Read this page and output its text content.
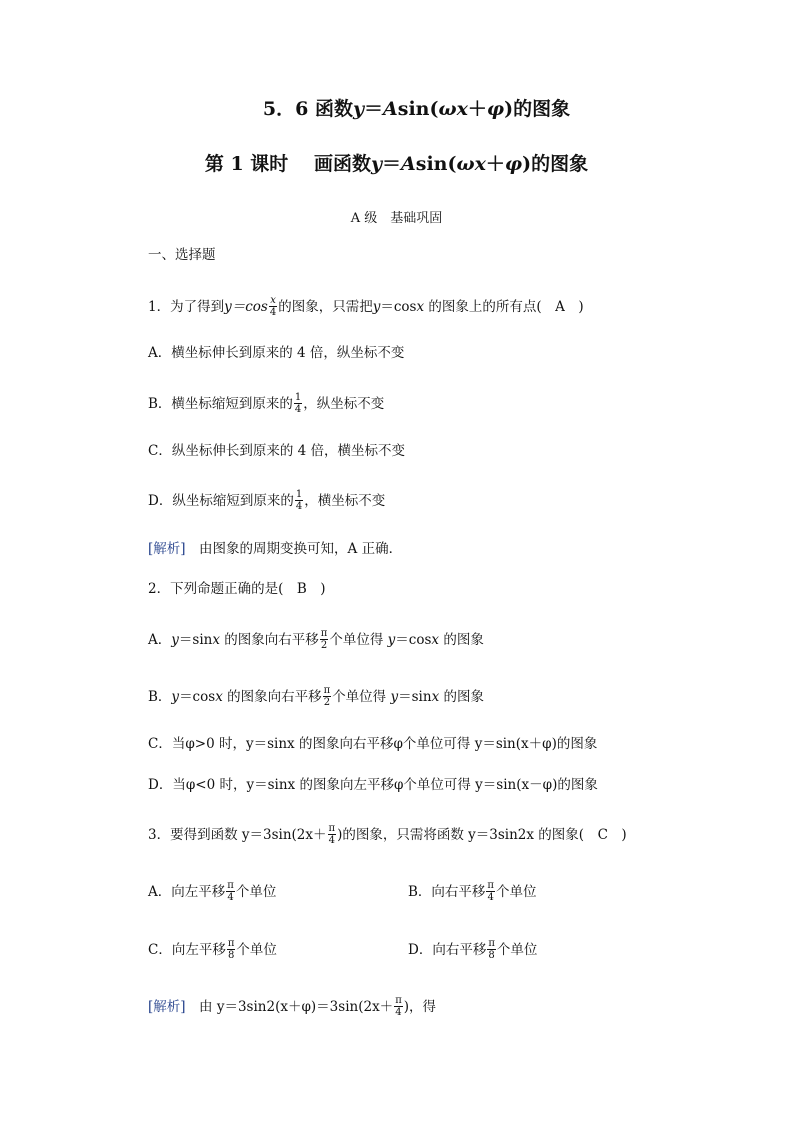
5．6 函数y＝Asin(ωx＋φ)的图象
第 1 课时　 画函数y＝Asin(ωx＋φ)的图象
A 级　基础巩固
一、选择题
1．为了得到$y=\cos \frac{x}{4}$ 的图象，只需把y＝cosx 的图象上的所有点(　A　)
A．横坐标伸长到原来的 4 倍，纵坐标不变
B．横坐标缩短到原来的 $\frac{1}{4}$ ，纵坐标不变
C．纵坐标伸长到原来的 4 倍，横坐标不变
D．纵坐标缩短到原来的 $\frac{1}{4}$ ，横坐标不变
[解析]　由图象的周期变换可知，A 正确．
2．下列命题正确的是(　B　)
A．y＝sinx 的图象向右平移 $\frac{\pi}{2}$ 个单位得 y＝cosx 的图象
B．y＝cosx 的图象向右平移 $\frac{\pi}{2}$ 个单位得 y＝sinx 的图象
C．当φ>0 时，y＝sinx 的图象向右平移φ个单位可得 y＝sin(x＋φ)的图象
D．当φ<0 时，y＝sinx 的图象向左平移φ个单位可得 y＝sin(x－φ)的图象
3．要得到函数 $y=3\sin(2x+ \frac{\pi}{4}$ )的图象，只需将函数 y＝3sin2x 的图象(　C　)
A．向左平移 $\frac{\pi}{4}$ 个单位	B．向右平移 $\frac{\pi}{4}$ 个单位
C．向左平移 $\frac{\pi}{8}$ 个单位	D．向右平移 $\frac{\pi}{8}$ 个单位
[解析]　由 $y=3\sin 2(x+\varphi)=3\sin(2x+ \frac{\pi}{4}$ )，得
